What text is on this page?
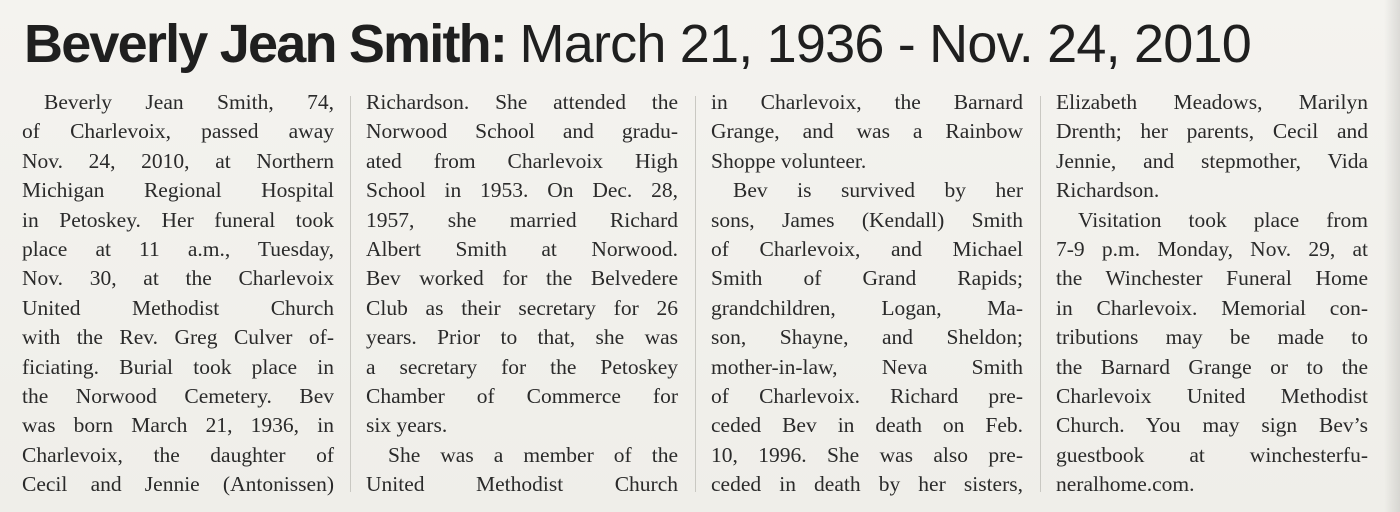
Beverly Jean Smith: March 21, 1936 - Nov. 24, 2010

Beverly Jean Smith, 74,
of Charlevoix, passed away
Nov. 24, 2010, at Northern
Michigan Regional Hospital
in Petoskey. Her funeral took
place at 11 a.m., Tuesday,
Nov. 30, at the Charlevoix
United Methodist Church
with the Rev. Greg Culver of-
ficiating. Burial took place in
the Norwood Cemetery. Bev
was born March 21, 1936, in
Charlevoix, the daughter of
Cecil and Jennie (Antonissen)

Richardson. She attended the
Norwood School and gradu-
ated from Charlevoix High
School in 1953. On Dec. 28,
1957, she married Richard
Albert Smith at Norwood.
Bev worked for the Belvedere
Club as their secretary for 26
years. Prior to that, she was
a secretary for the Petoskey
Chamber of Commerce for
six years.

She was a member of the
United Methodist Church

in Charlevoix, the Barnard
Grange, and was a Rainbow
Shoppe volunteer.

Bev is survived by her
sons, James (Kendall) Smith
of Charlevoix, and Michael
Smith of Grand Rapids;
grandchildren, Logan, Ma-
son, Shayne, and Sheldon;
mother-in-law, Neva Smith
of Charlevoix. Richard pre-
ceded Bev in death on Feb.
10, 1996. She was also pre-
ceded in death by her sisters,

Elizabeth Meadows, Marilyn
Drenth; her parents, Cecil and
Jennie, and stepmother, Vida
Richardson.

Visitation took place from
7-9 p.m. Monday, Nov. 29, at
the Winchester Funeral Home
in Charlevoix. Memorial con-
tributions may be made to
the Barnard Grange or to the
Charlevoix United Methodist
Church. You may sign Bev’s
guestbook at winchesterfu-
neralhome.com.
